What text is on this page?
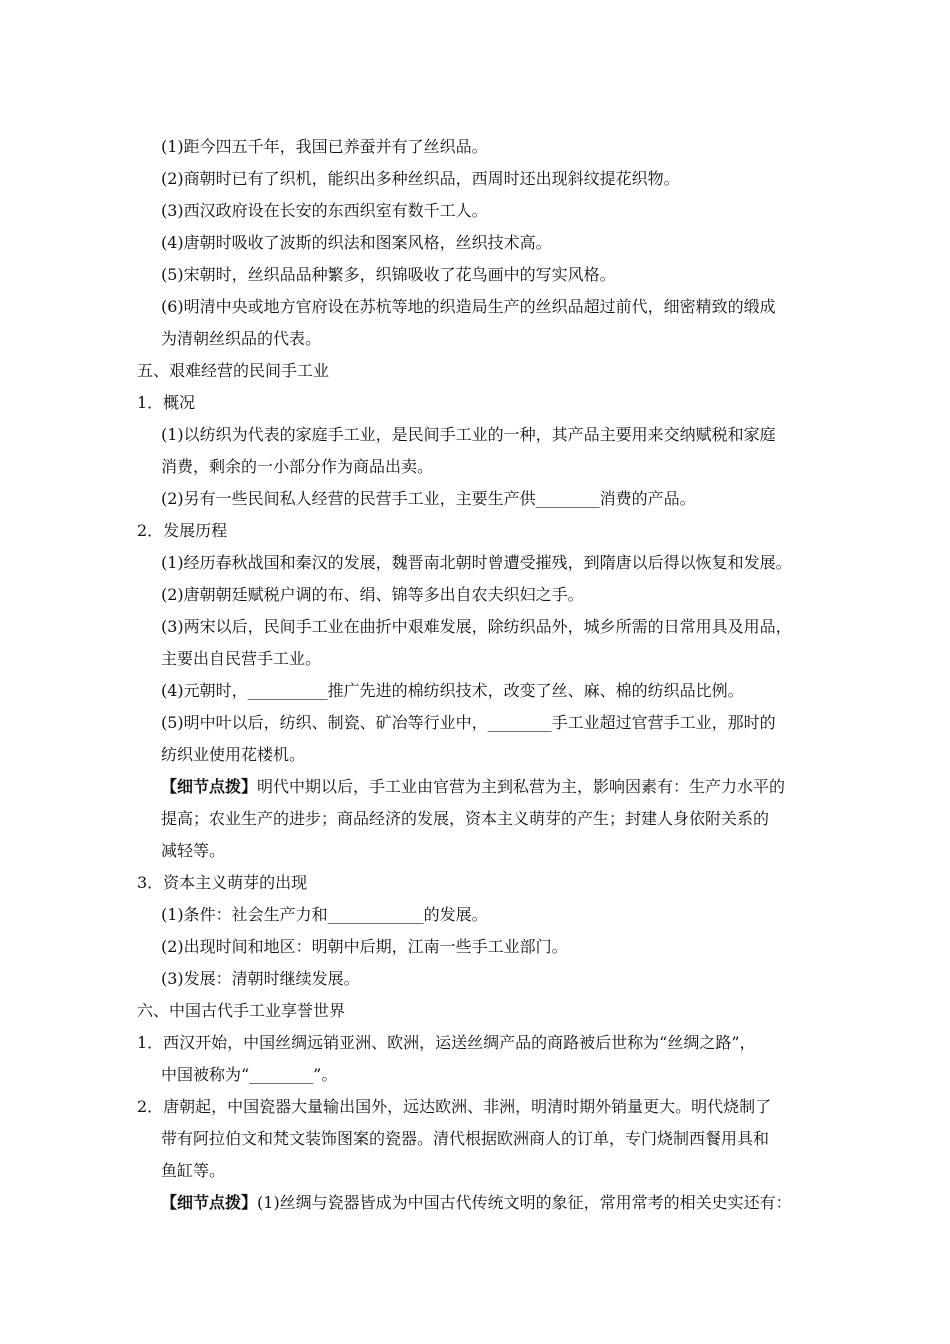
(1)距今四五千年，我国已养蚕并有了丝织品。
(2)商朝时已有了织机，能织出多种丝织品，西周时还出现斜纹提花织物。
(3)西汉政府设在长安的东西织室有数千工人。
(4)唐朝时吸收了波斯的织法和图案风格，丝织技术高。
(5)宋朝时，丝织品品种繁多，织锦吸收了花鸟画中的写实风格。
(6)明清中央或地方官府设在苏杭等地的织造局生产的丝织品超过前代，细密精致的缎成
为清朝丝织品的代表。
五、艰难经营的民间手工业
1．概况
(1)以纺织为代表的家庭手工业，是民间手工业的一种，其产品主要用来交纳赋税和家庭
消费，剩余的一小部分作为商品出卖。
(2)另有一些民间私人经营的民营手工业，主要生产供________消费的产品。
2．发展历程
(1)经历春秋战国和秦汉的发展，魏晋南北朝时曾遭受摧残，到隋唐以后得以恢复和发展。
(2)唐朝朝廷赋税户调的布、绢、锦等多出自农夫织妇之手。
(3)两宋以后，民间手工业在曲折中艰难发展，除纺织品外，城乡所需的日常用具及用品，
主要出自民营手工业。
(4)元朝时，__________推广先进的棉纺织技术，改变了丝、麻、棉的纺织品比例。
(5)明中叶以后，纺织、制瓷、矿冶等行业中，________手工业超过官营手工业，那时的
纺织业使用花楼机。
【细节点拨】明代中期以后，手工业由官营为主到私营为主，影响因素有：生产力水平的
提高；农业生产的进步；商品经济的发展，资本主义萌芽的产生；封建人身依附关系的
减轻等。
3．资本主义萌芽的出现
(1)条件：社会生产力和____________的发展。
(2)出现时间和地区：明朝中后期，江南一些手工业部门。
(3)发展：清朝时继续发展。
六、中国古代手工业享誉世界
1．西汉开始，中国丝绸远销亚洲、欧洲，运送丝绸产品的商路被后世称为“丝绸之路”，
中国被称为“________”。
2．唐朝起，中国瓷器大量输出国外，远达欧洲、非洲，明清时期外销量更大。明代烧制了
带有阿拉伯文和梵文装饰图案的瓷器。清代根据欧洲商人的订单，专门烧制西餐用具和
鱼缸等。
【细节点拨】(1)丝绸与瓷器皆成为中国古代传统文明的象征，常用常考的相关史实还有：
